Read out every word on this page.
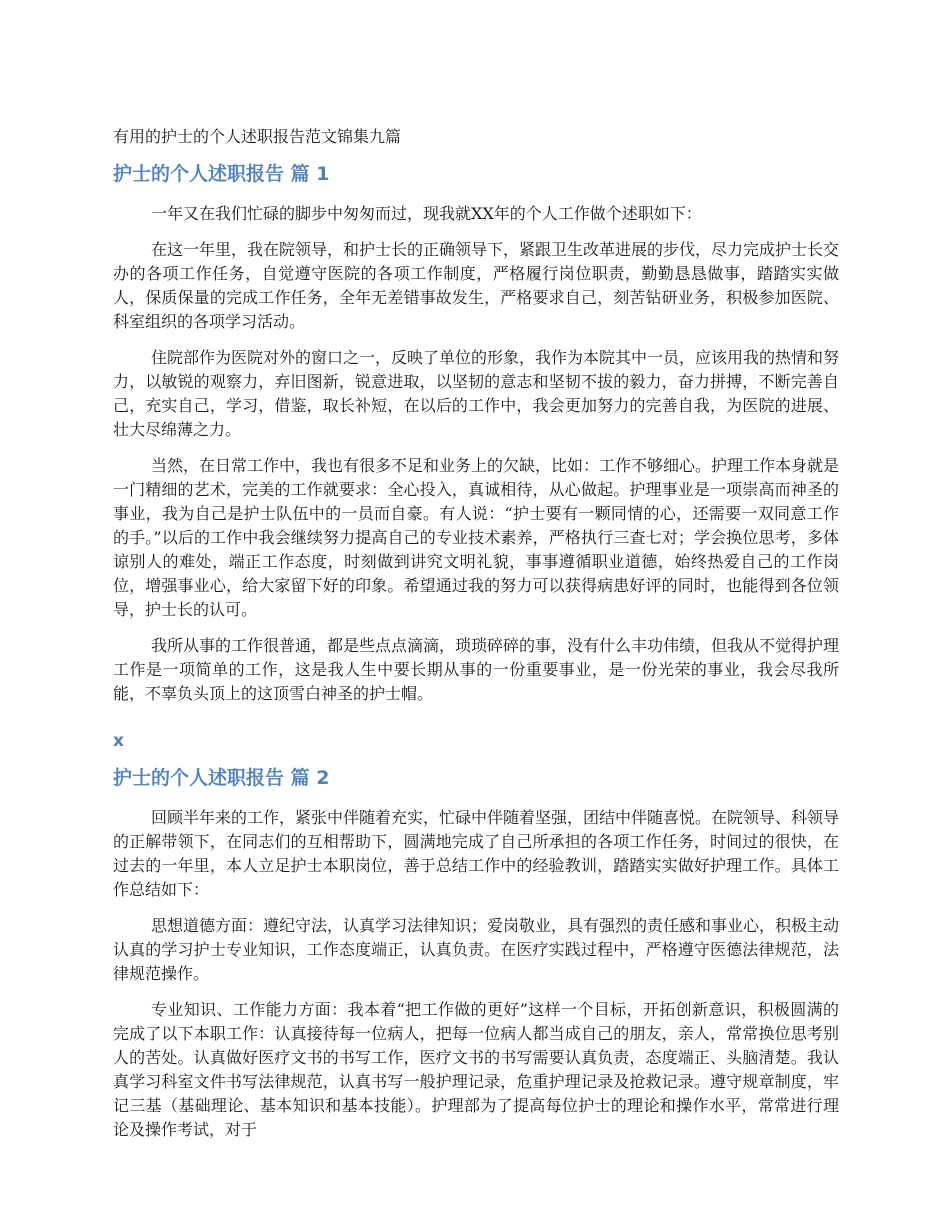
有用的护士的个人述职报告范文锦集九篇
护士的个人述职报告 篇 1

一年又在我们忙碌的脚步中匆匆而过，现我就XX年的个人工作做个述职如下：

在这一年里，我在院领导，和护士长的正确领导下，紧跟卫生改革进展的步伐，尽力完成护士长交办的各项工作任务，自觉遵守医院的各项工作制度，严格履行岗位职责，勤勤恳恳做事，踏踏实实做人，保质保量的完成工作任务，全年无差错事故发生，严格要求自己，刻苦钻研业务，积极参加医院、科室组织的各项学习活动。

住院部作为医院对外的窗口之一，反映了单位的形象，我作为本院其中一员，应该用我的热情和努力，以敏锐的观察力，弃旧图新，锐意进取，以坚韧的意志和坚韧不拔的毅力，奋力拼搏，不断完善自己，充实自己，学习，借鉴，取长补短，在以后的工作中，我会更加努力的完善自我，为医院的进展、壮大尽绵薄之力。

当然，在日常工作中，我也有很多不足和业务上的欠缺，比如：工作不够细心。护理工作本身就是一门精细的艺术，完美的工作就要求：全心投入，真诚相待，从心做起。护理事业是一项崇高而神圣的事业，我为自己是护士队伍中的一员而自豪。有人说：“护士要有一颗同情的心，还需要一双同意工作的手。”以后的工作中我会继续努力提高自己的专业技术素养，严格执行三查七对；学会换位思考，多体谅别人的难处，端正工作态度，时刻做到讲究文明礼貌，事事遵循职业道德，始终热爱自己的工作岗位，增强事业心，给大家留下好的印象。希望通过我的努力可以获得病患好评的同时，也能得到各位领导，护士长的认可。

我所从事的工作很普通，都是些点点滴滴，琐琐碎碎的事，没有什么丰功伟绩，但我从不觉得护理工作是一项简单的工作，这是我人生中要长期从事的一份重要事业，是一份光荣的事业，我会尽我所能，不辜负头顶上的这顶雪白神圣的护士帽。

x
护士的个人述职报告 篇 2

回顾半年来的工作，紧张中伴随着充实，忙碌中伴随着坚强，团结中伴随喜悦。在院领导、科领导的正解带领下，在同志们的互相帮助下，圆满地完成了自己所承担的各项工作任务，时间过的很快，在过去的一年里，本人立足护士本职岗位，善于总结工作中的经验教训，踏踏实实做好护理工作。具体工作总结如下：

思想道德方面：遵纪守法，认真学习法律知识；爱岗敬业，具有强烈的责任感和事业心，积极主动认真的学习护士专业知识，工作态度端正，认真负责。在医疗实践过程中，严格遵守医德法律规范，法律规范操作。

专业知识、工作能力方面：我本着“把工作做的更好”这样一个目标，开拓创新意识，积极圆满的完成了以下本职工作：认真接待每一位病人，把每一位病人都当成自己的朋友，亲人，常常换位思考别人的苦处。认真做好医疗文书的书写工作，医疗文书的书写需要认真负责，态度端正、头脑清楚。我认真学习科室文件书写法律规范，认真书写一般护理记录，危重护理记录及抢救记录。遵守规章制度，牢记三基（基础理论、基本知识和基本技能）。护理部为了提高每位护士的理论和操作水平，常常进行理论及操作考试，对于
